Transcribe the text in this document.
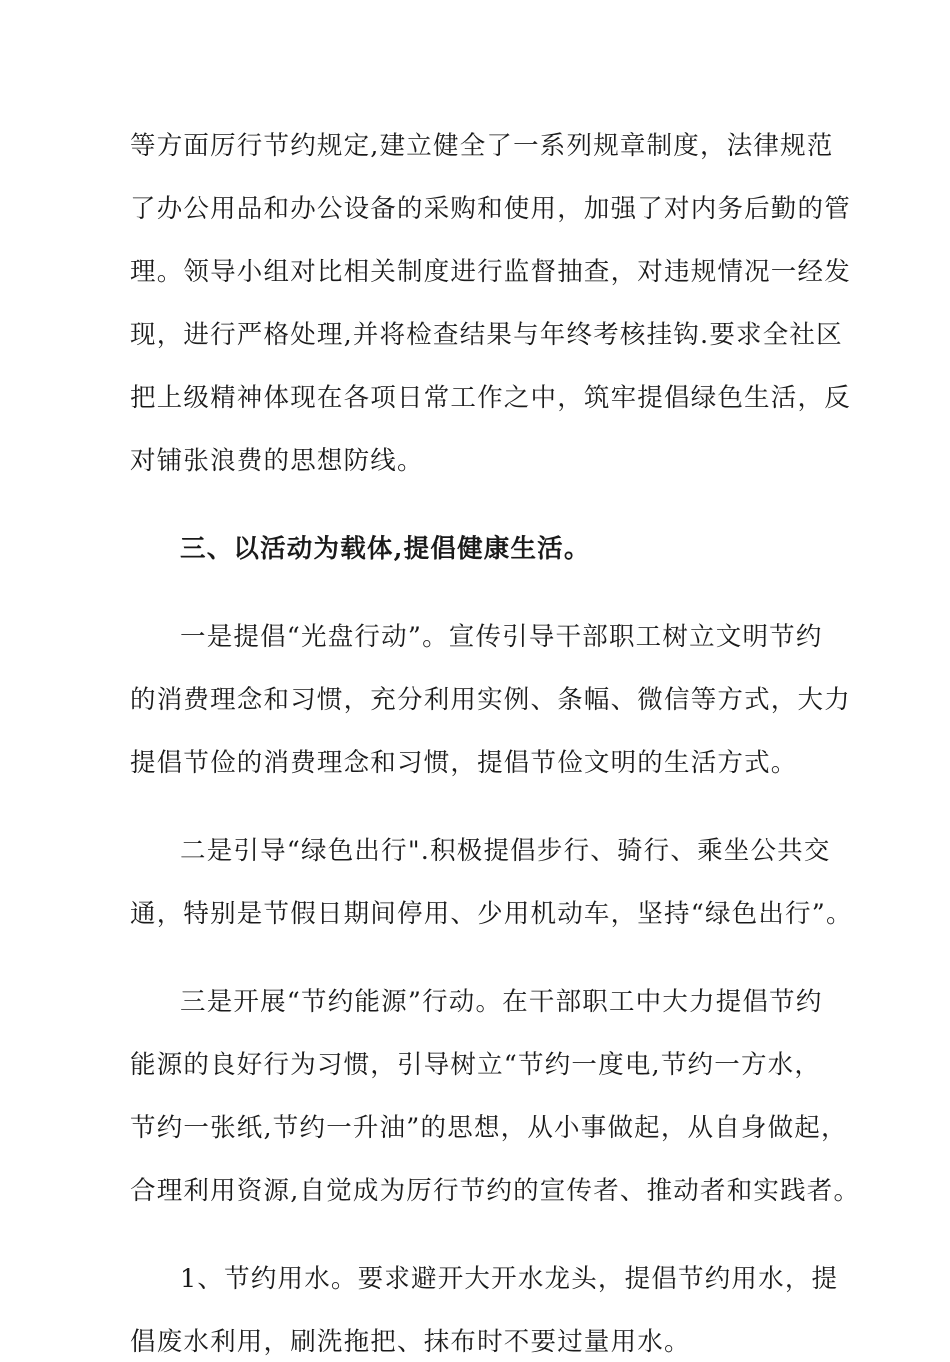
等方面厉行节约规定,建立健全了一系列规章制度，法律规范
了办公用品和办公设备的采购和使用，加强了对内务后勤的管
理。领导小组对比相关制度进行监督抽查，对违规情况一经发
现，进行严格处理,并将检查结果与年终考核挂钩.要求全社区
把上级精神体现在各项日常工作之中，筑牢提倡绿色生活，反
对铺张浪费的思想防线。
三、以活动为载体,提倡健康生活。
一是提倡“光盘行动”。宣传引导干部职工树立文明节约
的消费理念和习惯，充分利用实例、条幅、微信等方式，大力
提倡节俭的消费理念和习惯，提倡节俭文明的生活方式。
二是引导“绿色出行".积极提倡步行、骑行、乘坐公共交
通，特别是节假日期间停用、少用机动车，坚持“绿色出行”。
三是开展“节约能源”行动。在干部职工中大力提倡节约
能源的良好行为习惯，引导树立“节约一度电,节约一方水，
节约一张纸,节约一升油”的思想，从小事做起，从自身做起，
合理利用资源,自觉成为厉行节约的宣传者、推动者和实践者。
1、节约用水。要求避开大开水龙头，提倡节约用水，提
倡废水利用，刷洗拖把、抹布时不要过量用水。
